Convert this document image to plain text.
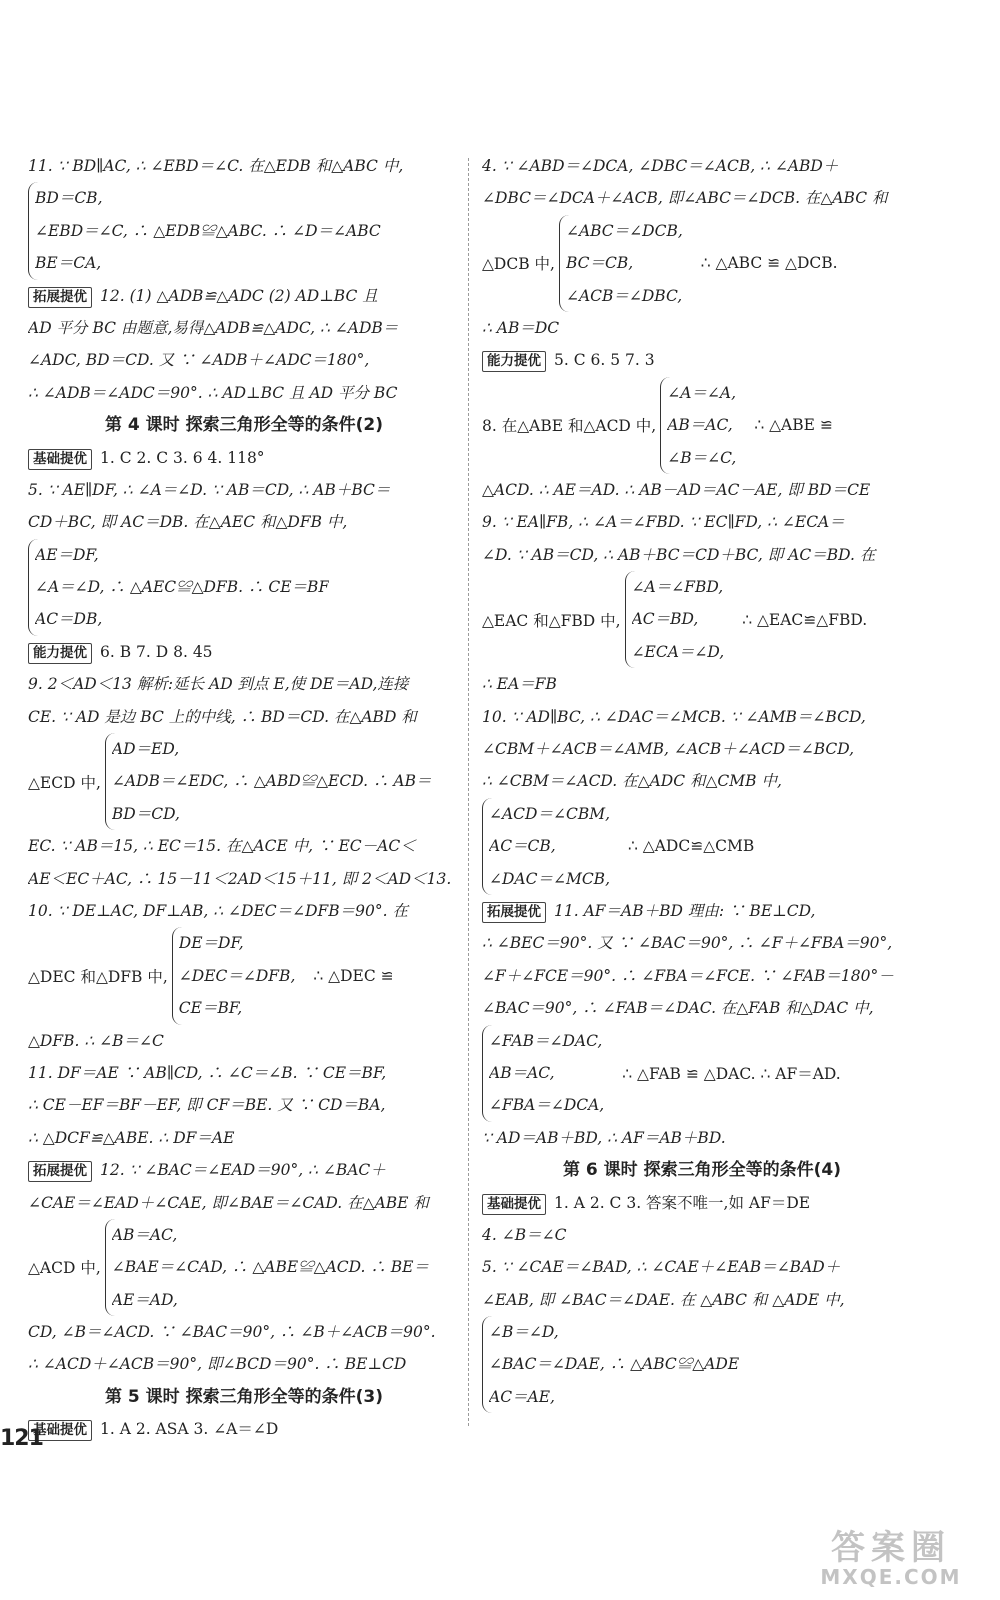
11. ∵ BD∥AC, ∴ ∠EBD＝∠C. 在△EDB 和△ABC 中,
BD＝CB,
∠EBD＝∠C, ∴ △EDB≌△ABC. ∴ ∠D＝∠ABC
BE＝CA,
拓展提优 12. (1) △ADB≌△ADC (2) AD⊥BC 且
AD 平分 BC 由题意,易得△ADB≌△ADC, ∴ ∠ADB＝
∠ADC, BD＝CD. 又 ∵ ∠ADB＋∠ADC＝180°,
∴ ∠ADB＝∠ADC＝90°. ∴ AD⊥BC 且 AD 平分 BC
第 4 课时 探索三角形全等的条件(2)
基础提优 1. C 2. C 3. 6 4. 118°
5. ∵ AE∥DF, ∴ ∠A＝∠D. ∵ AB＝CD, ∴ AB＋BC＝
CD＋BC, 即 AC＝DB. 在△AEC 和△DFB 中,
AE＝DF,
∠A＝∠D, ∴ △AEC≌△DFB. ∴ CE＝BF
AC＝DB,
能力提优 6. B 7. D 8. 45
9. 2＜AD＜13 解析:延长 AD 到点 E,使 DE＝AD,连接
CE. ∵ AD 是边 BC 上的中线, ∴ BD＝CD. 在△ABD 和
△ECD 中,
AD＝ED,
∠ADB＝∠EDC, ∴ △ABD≌△ECD. ∴ AB＝
BD＝CD,
EC. ∵ AB＝15, ∴ EC＝15. 在△ACE 中, ∵ EC－AC＜
AE＜EC＋AC, ∴ 15－11＜2AD＜15＋11, 即 2＜AD＜13.
10. ∵ DE⊥AC, DF⊥AB, ∴ ∠DEC＝∠DFB＝90°. 在
△DEC 和△DFB 中,
DE＝DF,
∠DEC＝∠DFB,
CE＝BF,
∴ △DEC ≌
△DFB. ∴ ∠B＝∠C
11. DF＝AE ∵ AB∥CD, ∴ ∠C＝∠B. ∵ CE＝BF,
∴ CE－EF＝BF－EF, 即 CF＝BE. 又 ∵ CD＝BA,
∴ △DCF≌△ABE. ∴ DF＝AE
拓展提优 12. ∵ ∠BAC＝∠EAD＝90°, ∴ ∠BAC＋
∠CAE＝∠EAD＋∠CAE, 即∠BAE＝∠CAD. 在△ABE 和
△ACD 中,
AB＝AC,
∠BAE＝∠CAD, ∴ △ABE≌△ACD. ∴ BE＝
AE＝AD,
CD, ∠B＝∠ACD. ∵ ∠BAC＝90°, ∴ ∠B＋∠ACB＝90°.
∴ ∠ACD＋∠ACB＝90°, 即∠BCD＝90°. ∴ BE⊥CD
第 5 课时 探索三角形全等的条件(3)
基础提优 1. A 2. ASA 3. ∠A＝∠D
4. ∵ ∠ABD＝∠DCA, ∠DBC＝∠ACB, ∴ ∠ABD＋
∠DBC＝∠DCA＋∠ACB, 即∠ABC＝∠DCB. 在△ABC 和
△DCB 中,
∠ABC＝∠DCB,
BC＝CB,
∠ACB＝∠DBC,
∴ △ABC ≌ △DCB.
∴ AB＝DC
能力提优 5. C 6. 5 7. 3
8. 在△ABE 和△ACD 中,
∠A＝∠A,
AB＝AC,
∠B＝∠C,
∴ △ABE ≌
△ACD. ∴ AE＝AD. ∴ AB－AD＝AC－AE, 即 BD＝CE
9. ∵ EA∥FB, ∴ ∠A＝∠FBD. ∵ EC∥FD, ∴ ∠ECA＝
∠D. ∵ AB＝CD, ∴ AB＋BC＝CD＋BC, 即 AC＝BD. 在
△EAC 和△FBD 中,
∠A＝∠FBD,
AC＝BD,
∠ECA＝∠D,
∴ △EAC≌△FBD.
∴ EA＝FB
10. ∵ AD∥BC, ∴ ∠DAC＝∠MCB. ∵ ∠AMB＝∠BCD,
∠CBM＋∠ACB＝∠AMB, ∠ACB＋∠ACD＝∠BCD,
∴ ∠CBM＝∠ACD. 在△ADC 和△CMB 中,
∠ACD＝∠CBM,
AC＝CB,
∠DAC＝∠MCB,
∴ △ADC≌△CMB
拓展提优 11. AF＝AB＋BD 理由: ∵ BE⊥CD,
∴ ∠BEC＝90°. 又 ∵ ∠BAC＝90°, ∴ ∠F＋∠FBA＝90°,
∠F＋∠FCE＝90°. ∴ ∠FBA＝∠FCE. ∵ ∠FAB＝180°－
∠BAC＝90°, ∴ ∠FAB＝∠DAC. 在△FAB 和△DAC 中,
∠FAB＝∠DAC,
AB＝AC,
∠FBA＝∠DCA,
∴ △FAB ≌ △DAC. ∴ AF＝AD.
∵ AD＝AB＋BD, ∴ AF＝AB＋BD.
第 6 课时 探索三角形全等的条件(4)
基础提优 1. A 2. C 3. 答案不唯一,如 AF＝DE
4. ∠B＝∠C
5. ∵ ∠CAE＝∠BAD, ∴ ∠CAE＋∠EAB＝∠BAD＋
∠EAB, 即 ∠BAC＝∠DAE. 在 △ABC 和 △ADE 中,
∠B＝∠D,
∠BAC＝∠DAE, ∴ △ABC≌△ADE
AC＝AE,
121
答案圈
MXQE.COM
